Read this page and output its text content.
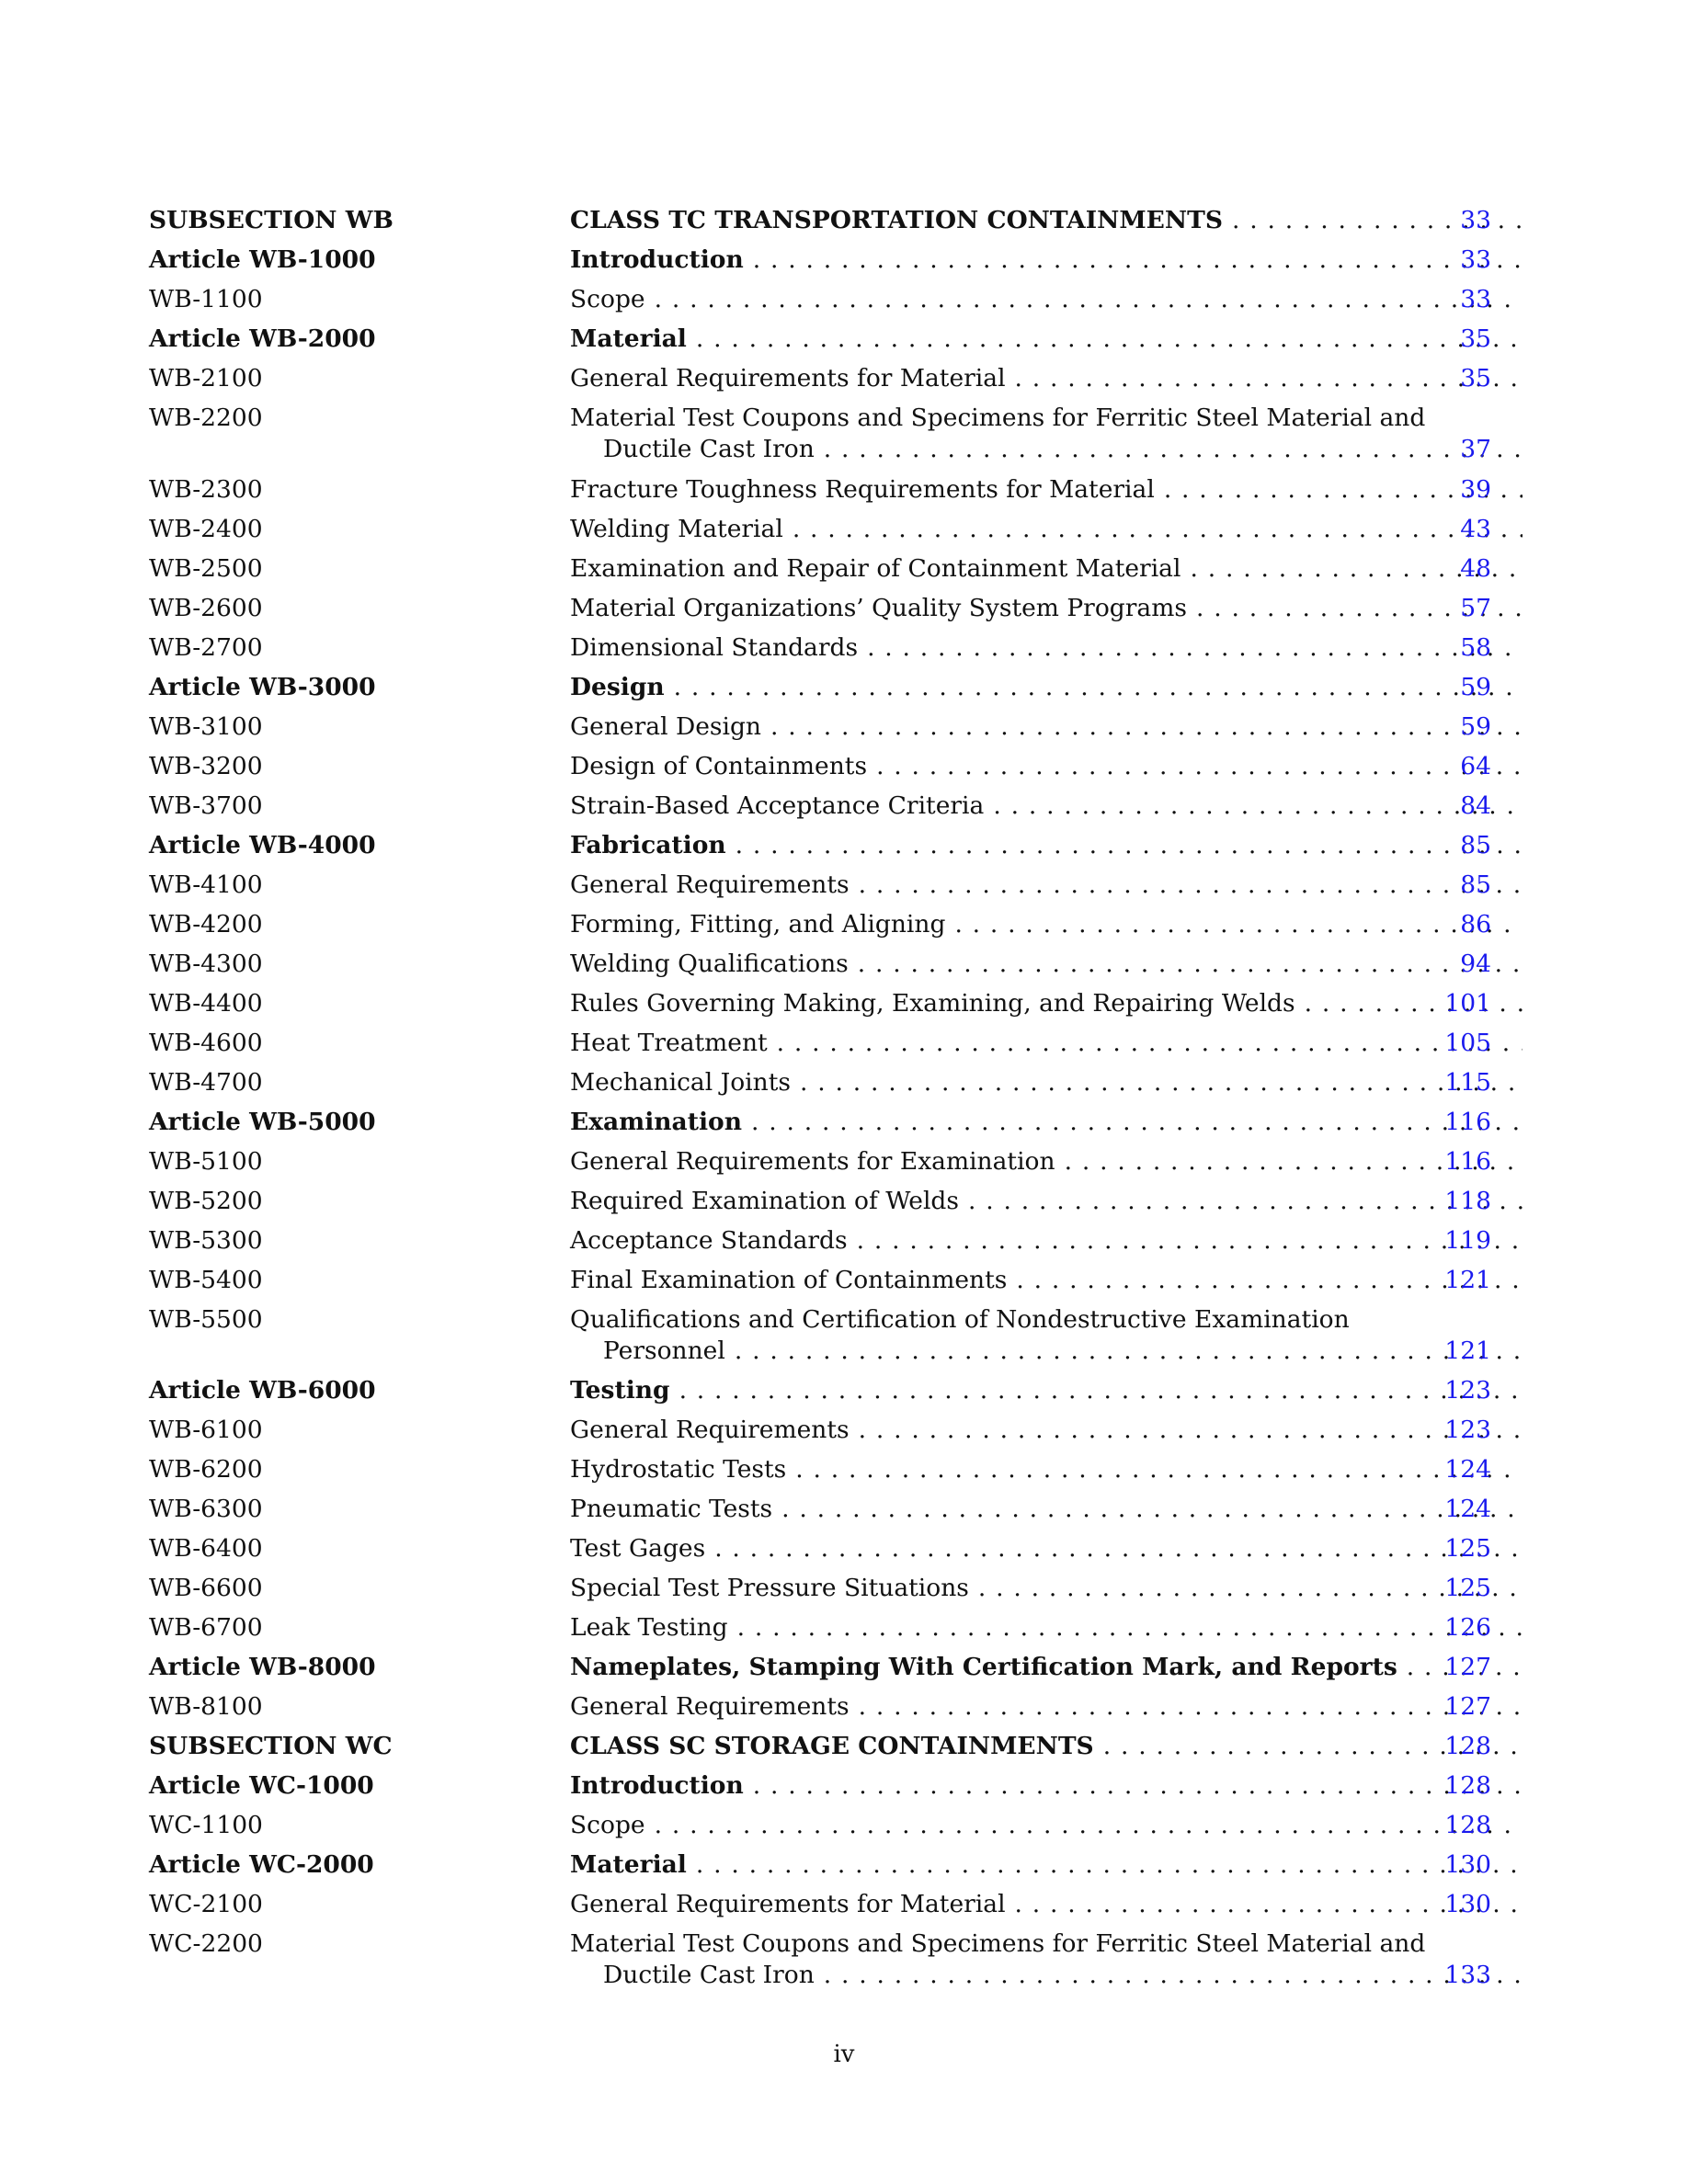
SUBSECTION WB	CLASS TC TRANSPORTATION CONTAINMENTS . . .	33
Article WB-1000	Introduction . . .	33
WB-1100	Scope . . .	33
Article WB-2000	Material . . .	35
WB-2100	General Requirements for Material . . .	35
WB-2200	Material Test Coupons and Specimens for Ferritic Steel Material and
Ductile Cast Iron . . .	37
WB-2300	Fracture Toughness Requirements for Material . . .	39
WB-2400	Welding Material . . .	43
WB-2500	Examination and Repair of Containment Material . . .	48
WB-2600	Material Organizations’ Quality System Programs . . .	57
WB-2700	Dimensional Standards . . .	58
Article WB-3000	Design . . .	59
WB-3100	General Design . . .	59
WB-3200	Design of Containments . . .	64
WB-3700	Strain-Based Acceptance Criteria . . .	84
Article WB-4000	Fabrication . . .	85
WB-4100	General Requirements . . .	85
WB-4200	Forming, Fitting, and Aligning . . .	86
WB-4300	Welding Qualifications . . .	94
WB-4400	Rules Governing Making, Examining, and Repairing Welds . . .	101
WB-4600	Heat Treatment . . .	105
WB-4700	Mechanical Joints . . .	115
Article WB-5000	Examination . . .	116
WB-5100	General Requirements for Examination . . .	116
WB-5200	Required Examination of Welds . . .	118
WB-5300	Acceptance Standards . . .	119
WB-5400	Final Examination of Containments . . .	121
WB-5500	Qualifications and Certification of Nondestructive Examination
Personnel . . .	121
Article WB-6000	Testing . . .	123
WB-6100	General Requirements . . .	123
WB-6200	Hydrostatic Tests . . .	124
WB-6300	Pneumatic Tests . . .	124
WB-6400	Test Gages . . .	125
WB-6600	Special Test Pressure Situations . . .	125
WB-6700	Leak Testing . . .	126
Article WB-8000	Nameplates, Stamping With Certification Mark, and Reports . . . 127
WB-8100	General Requirements . . .	127
SUBSECTION WC	CLASS SC STORAGE CONTAINMENTS . . .	128
Article WC-1000	Introduction . . .	128
WC-1100	Scope . . .	128
Article WC-2000	Material . . .	130
WC-2100	General Requirements for Material . . .	130
WC-2200	Material Test Coupons and Specimens for Ferritic Steel Material and
Ductile Cast Iron . . .	133
iv
